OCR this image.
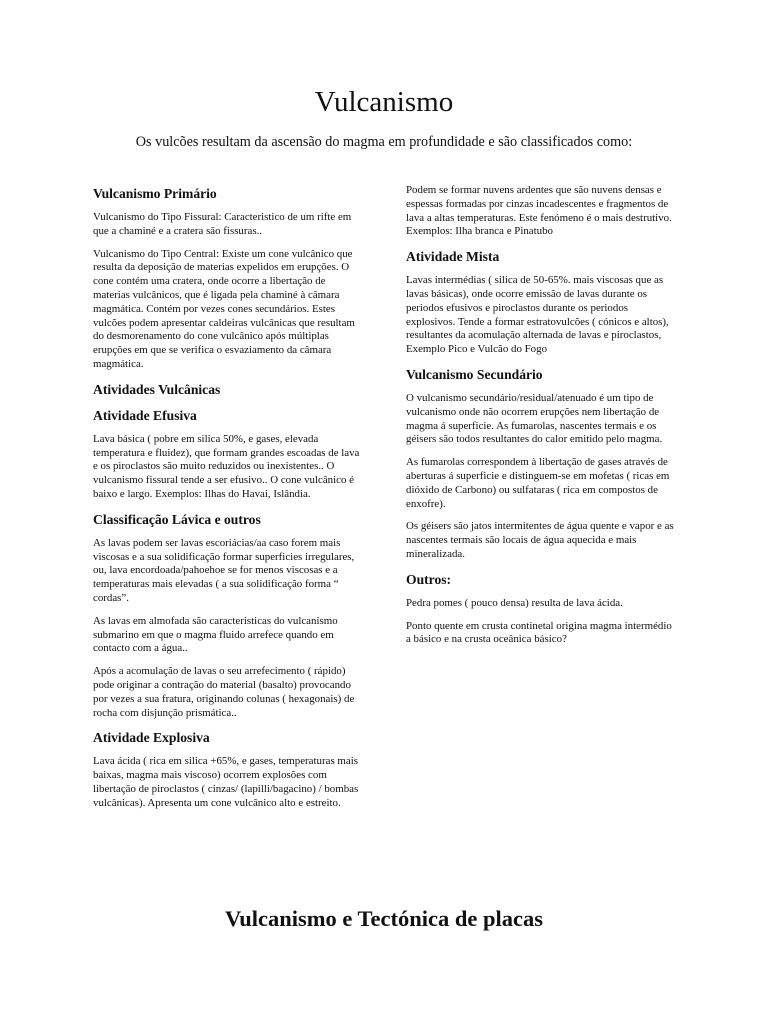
Vulcanismo

Os vulcões resultam da ascensão do magma em profundidade e são classificados como:

Vulcanismo Primário

Vulcanismo do Tipo Fissural: Caracteristico de um rifte em que a chaminé e a cratera são fissuras..

Vulcanismo do Tipo Central: Existe um cone vulcânico que resulta da deposição de materias expelidos em erupções. O cone contém uma cratera, onde ocorre a libertação de materias vulcânicos, que é ligada pela chaminé à câmara magmática. Contém por vezes cones secundários. Estes vulcões podem apresentar caldeiras vulcânicas que resultam do desmorenamento do cone vulcânico após múltiplas erupções em que se verifica o esvaziamento da câmara magmática.

Atividades Vulcânicas
Atividade Efusiva

Lava básica ( pobre em silica 50%, e gases, elevada temperatura e fluidez), que formam grandes escoadas de lava e os piroclastos são muito reduzidos ou inexistentes.. O vulcanismo fissural tende a ser efusivo.. O cone vulcânico é baixo e largo. Exemplos: Ilhas do Havai, Islândia.

Classificação Lávica e outros

As lavas podem ser lavas escoriácias/aa caso forem mais viscosas e a sua solidificação formar superficies irregulares, ou, lava encordoada/pahoehoe se for menos viscosas e a temperaturas mais elevadas ( a sua solidificação forma “ cordas”.

As lavas em almofada são caracteristicas do vulcanismo submarino em que o magma fluido arrefece quando em contacto com a água..

Após a acomulação de lavas o seu arrefecimento ( rápido) pode originar a contração do material (basalto) provocando por vezes a sua fratura, originando colunas ( hexagonais) de rocha com disjunção prismática..

Atividade Explosiva

Lava ácida ( rica em silica +65%, e gases, temperaturas mais baixas, magma mais viscoso) ocorrem explosões com libertação de piroclastos ( cinzas/ (lapilli/bagacino) / bombas vulcânicas). Apresenta um cone vulcânico alto e estreito.

Podem se formar nuvens ardentes que são nuvens densas e espessas formadas por cinzas incadescentes e fragmentos de lava a altas temperaturas. Este fenómeno é o mais destrutivo. Exemplos: Ilha branca e Pinatubo

Atividade Mista

Lavas intermédias ( silica de 50-65%. mais viscosas que as lavas básicas), onde ocorre emissão de lavas durante os periodos efusivos e piroclastos durante os periodos explosivos. Tende a formar estratovulcões ( cónicos e altos), resultantes da acomulação alternada de lavas e piroclastos, Exemplo Pico e Vulcão do Fogo

Vulcanismo Secundário

O vulcanismo secundário/residual/atenuado é um tipo de vulcanismo onde não ocorrem erupções nem libertação de magma á superficie. As fumarolas, nascentes termais e os géisers são todos resultantes do calor emitido pelo magma.

As fumarolas correspondem à libertação de gases através de aberturas á superficie e distinguem-se em mofetas ( ricas em dióxido de Carbono) ou sulfataras ( rica em compostos de enxofre).

Os géisers são jatos intermitentes de água quente e vapor e as nascentes termais são locais de água aquecida e mais mineralizada.

Outros:

Pedra pomes ( pouco densa) resulta de lava ácida.

Ponto quente em crusta continetal origina magma intermédio a básico e na crusta oceânica básico?

Vulcanismo e Tectónica de placas
